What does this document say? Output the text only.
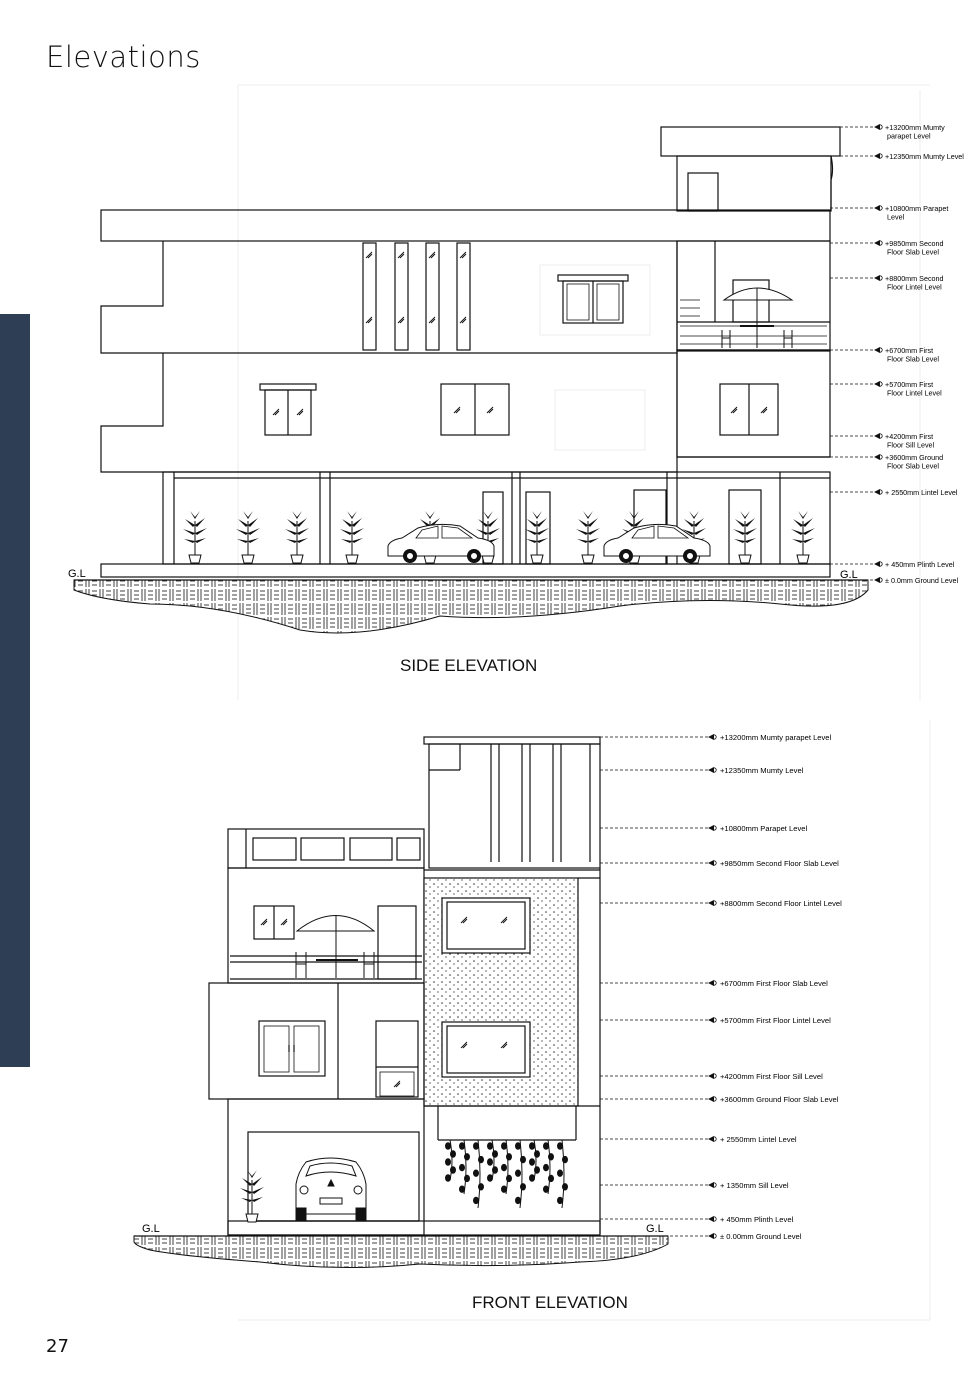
Elevations
27
SIDE ELEVATION
FRONT ELEVATION
G.L	G.L
+13200mm Mumty
parapet Level
+12350mm Mumty Level
+10800mm Parapet
Level
+9850mm Second
Floor Slab Level
+8800mm Second
Floor Lintel Level
+6700mm First
Floor Slab Level
+5700mm First
Floor Lintel Level
+4200mm First
Floor Sill Level
+3600mm Ground
Floor Slab Level
+ 2550mm Lintel Level
+ 450mm Plinth Level
± 0.0mm Ground Level
G.L	G.L
+13200mm Mumty parapet Level
+12350mm Mumty Level
+10800mm Parapet Level
+9850mm Second Floor Slab Level
+8800mm Second Floor Lintel Level
+6700mm First Floor Slab Level
+5700mm First Floor Lintel Level
+4200mm First Floor Sill Level
+3600mm Ground Floor Slab Level
+ 2550mm Lintel Level
+ 1350mm Sill Level
+ 450mm Plinth Level
± 0.00mm Ground Level
